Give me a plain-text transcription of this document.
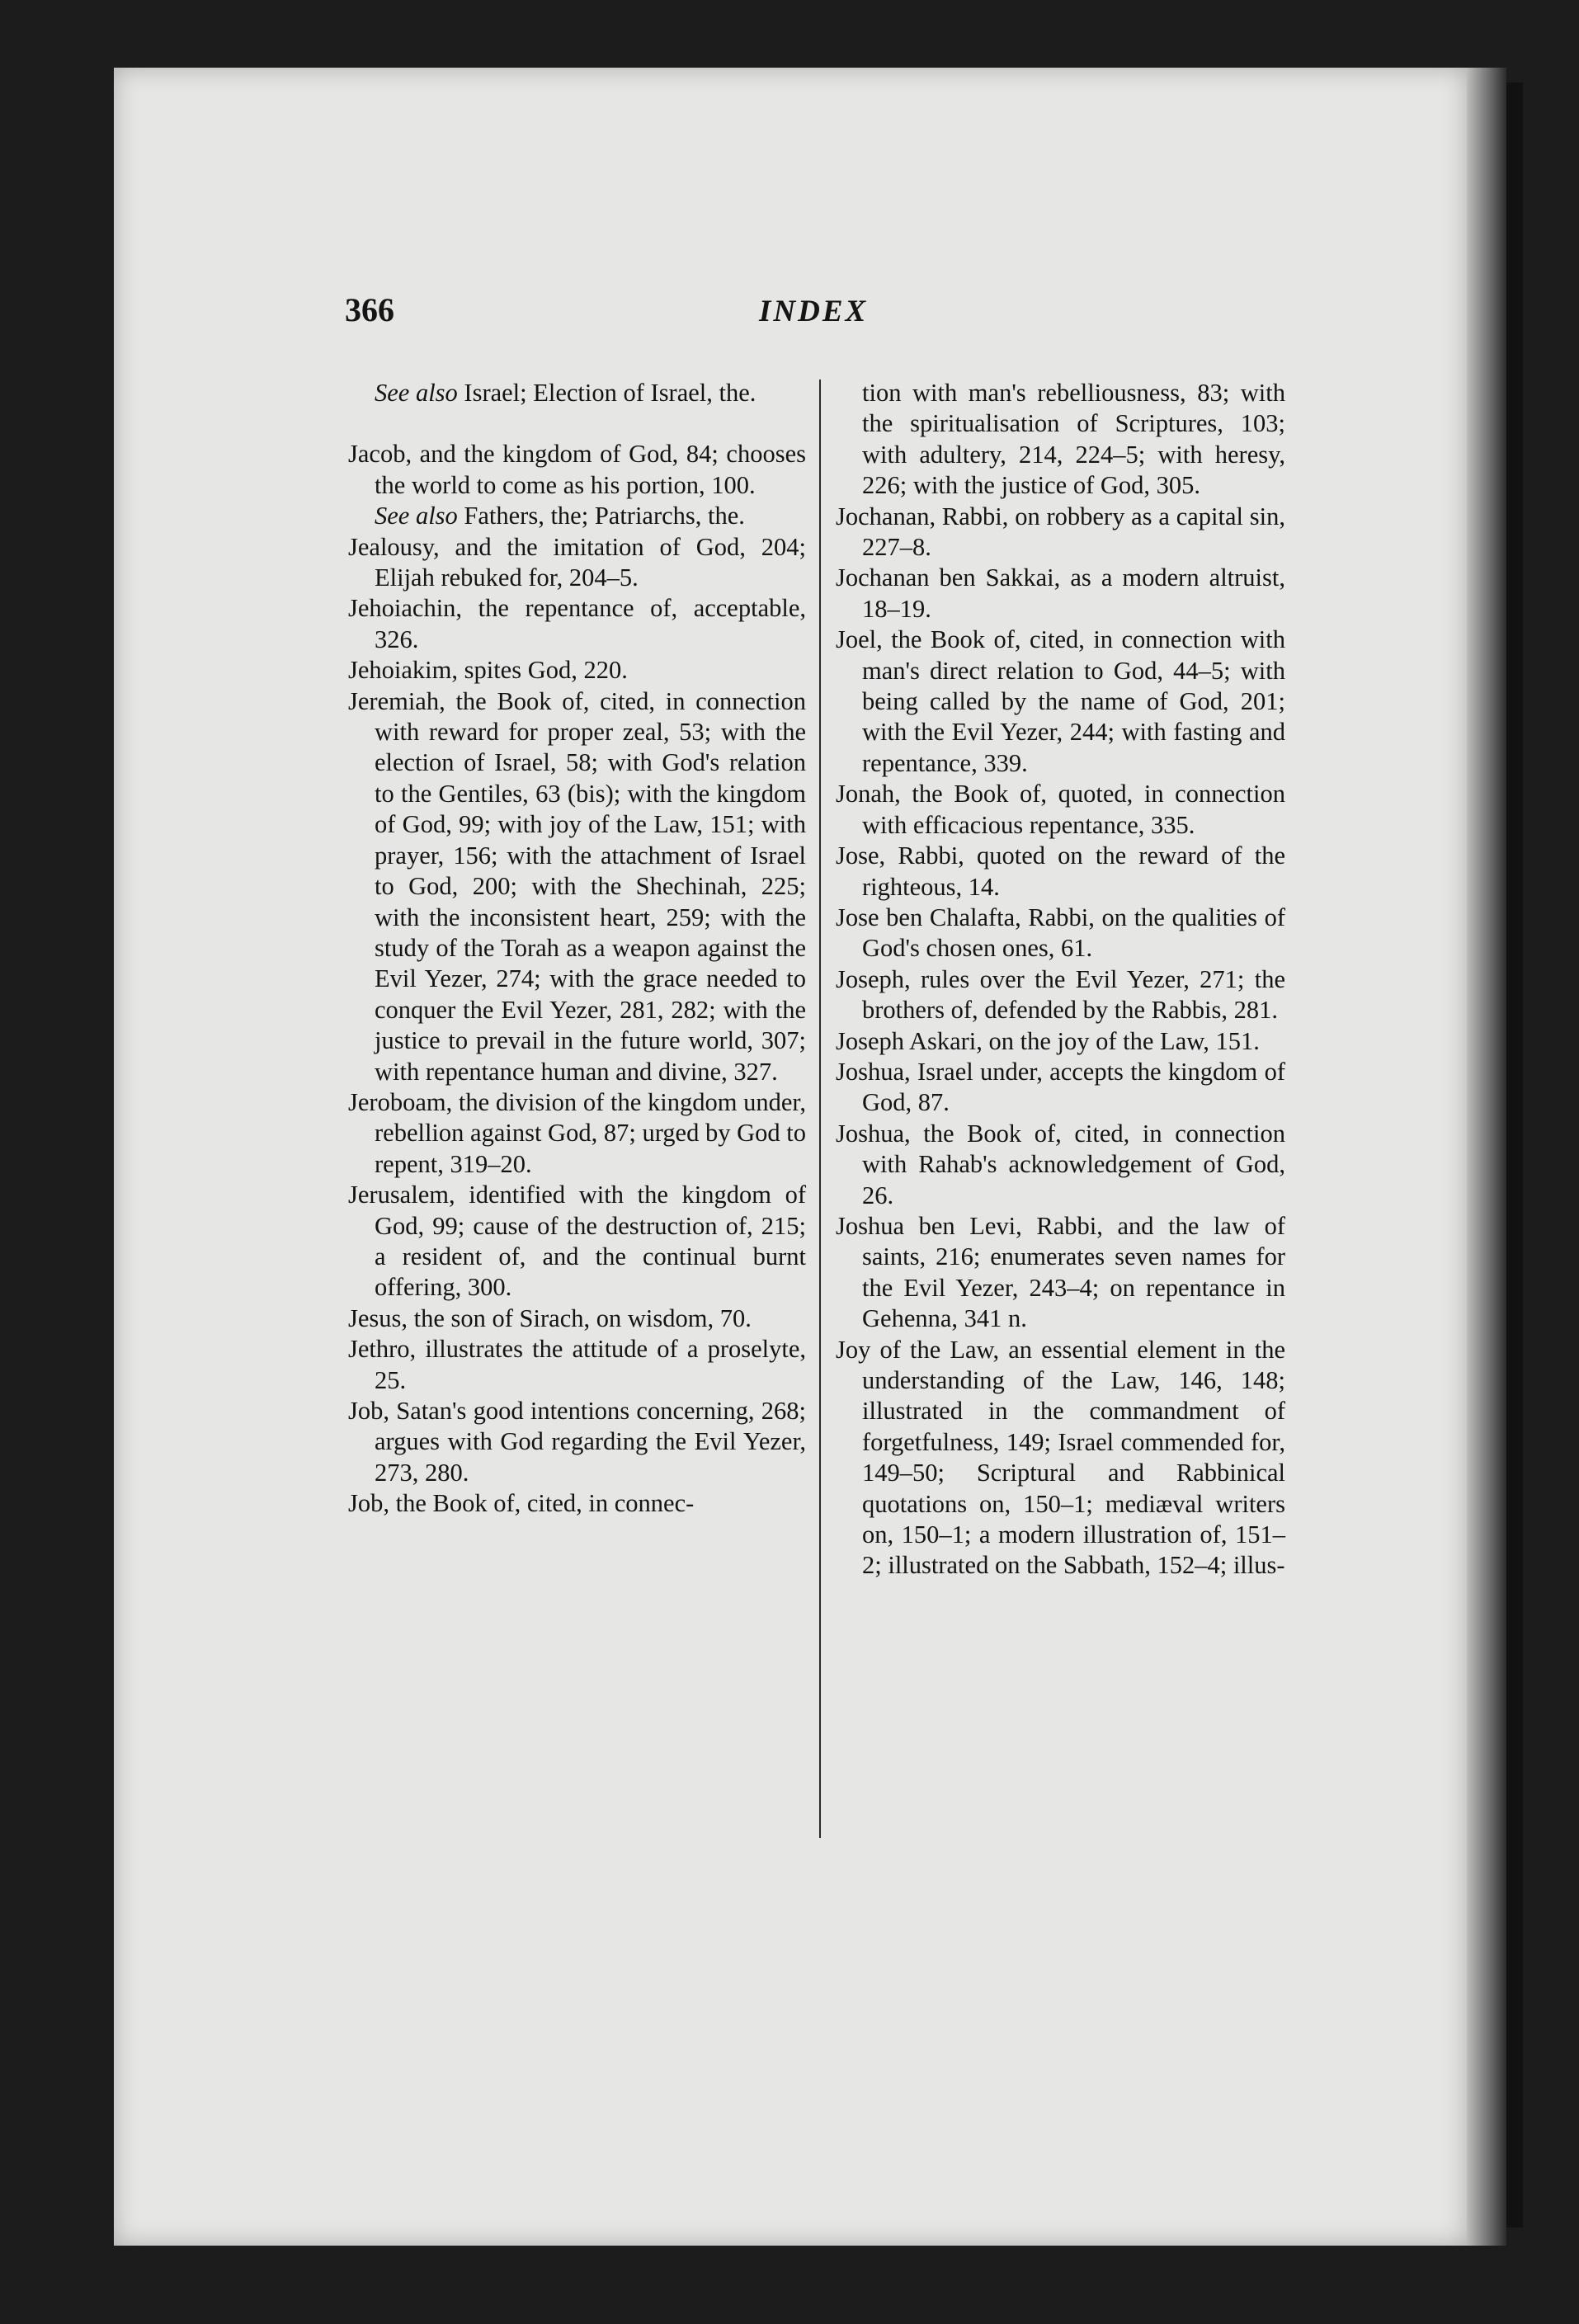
366	INDEX

See also Israel; Election of Israel, the.

Jacob, and the kingdom of God, 84; chooses the world to come as his portion, 100.

See also Fathers, the; Patriarchs, the.

Jealousy, and the imitation of God, 204; Elijah rebuked for, 204–5.

Jehoiachin, the repentance of, acceptable, 326.

Jehoiakim, spites God, 220.

Jeremiah, the Book of, cited, in connection with reward for proper zeal, 53; with the election of Israel, 58; with God's relation to the Gentiles, 63 (bis); with the kingdom of God, 99; with joy of the Law, 151; with prayer, 156; with the attachment of Israel to God, 200; with the Shechinah, 225; with the inconsistent heart, 259; with the study of the Torah as a weapon against the Evil Yezer, 274; with the grace needed to conquer the Evil Yezer, 281, 282; with the justice to prevail in the future world, 307; with repentance human and divine, 327.

Jeroboam, the division of the kingdom under, rebellion against God, 87; urged by God to repent, 319–20.

Jerusalem, identified with the kingdom of God, 99; cause of the destruction of, 215; a resident of, and the continual burnt offering, 300.

Jesus, the son of Sirach, on wisdom, 70.

Jethro, illustrates the attitude of a proselyte, 25.

Job, Satan's good intentions concerning, 268; argues with God regarding the Evil Yezer, 273, 280.

Job, the Book of, cited, in connec-

tion with man's rebelliousness, 83; with the spiritualisation of Scriptures, 103; with adultery, 214, 224–5; with heresy, 226; with the justice of God, 305.

Jochanan, Rabbi, on robbery as a capital sin, 227–8.

Jochanan ben Sakkai, as a modern altruist, 18–19.

Joel, the Book of, cited, in connection with man's direct relation to God, 44–5; with being called by the name of God, 201; with the Evil Yezer, 244; with fasting and repentance, 339.

Jonah, the Book of, quoted, in connection with efficacious repentance, 335.

Jose, Rabbi, quoted on the reward of the righteous, 14.

Jose ben Chalafta, Rabbi, on the qualities of God's chosen ones, 61.

Joseph, rules over the Evil Yezer, 271; the brothers of, defended by the Rabbis, 281.

Joseph Askari, on the joy of the Law, 151.

Joshua, Israel under, accepts the kingdom of God, 87.

Joshua, the Book of, cited, in connection with Rahab's acknowledgement of God, 26.

Joshua ben Levi, Rabbi, and the law of saints, 216; enumerates seven names for the Evil Yezer, 243–4; on repentance in Gehenna, 341 n.

Joy of the Law, an essential element in the understanding of the Law, 146, 148; illustrated in the commandment of forgetfulness, 149; Israel commended for, 149–50; Scriptural and Rabbinical quotations on, 150–1; mediæval writers on, 150–1; a modern illustration of, 151–2; illustrated on the Sabbath, 152–4; illus-
